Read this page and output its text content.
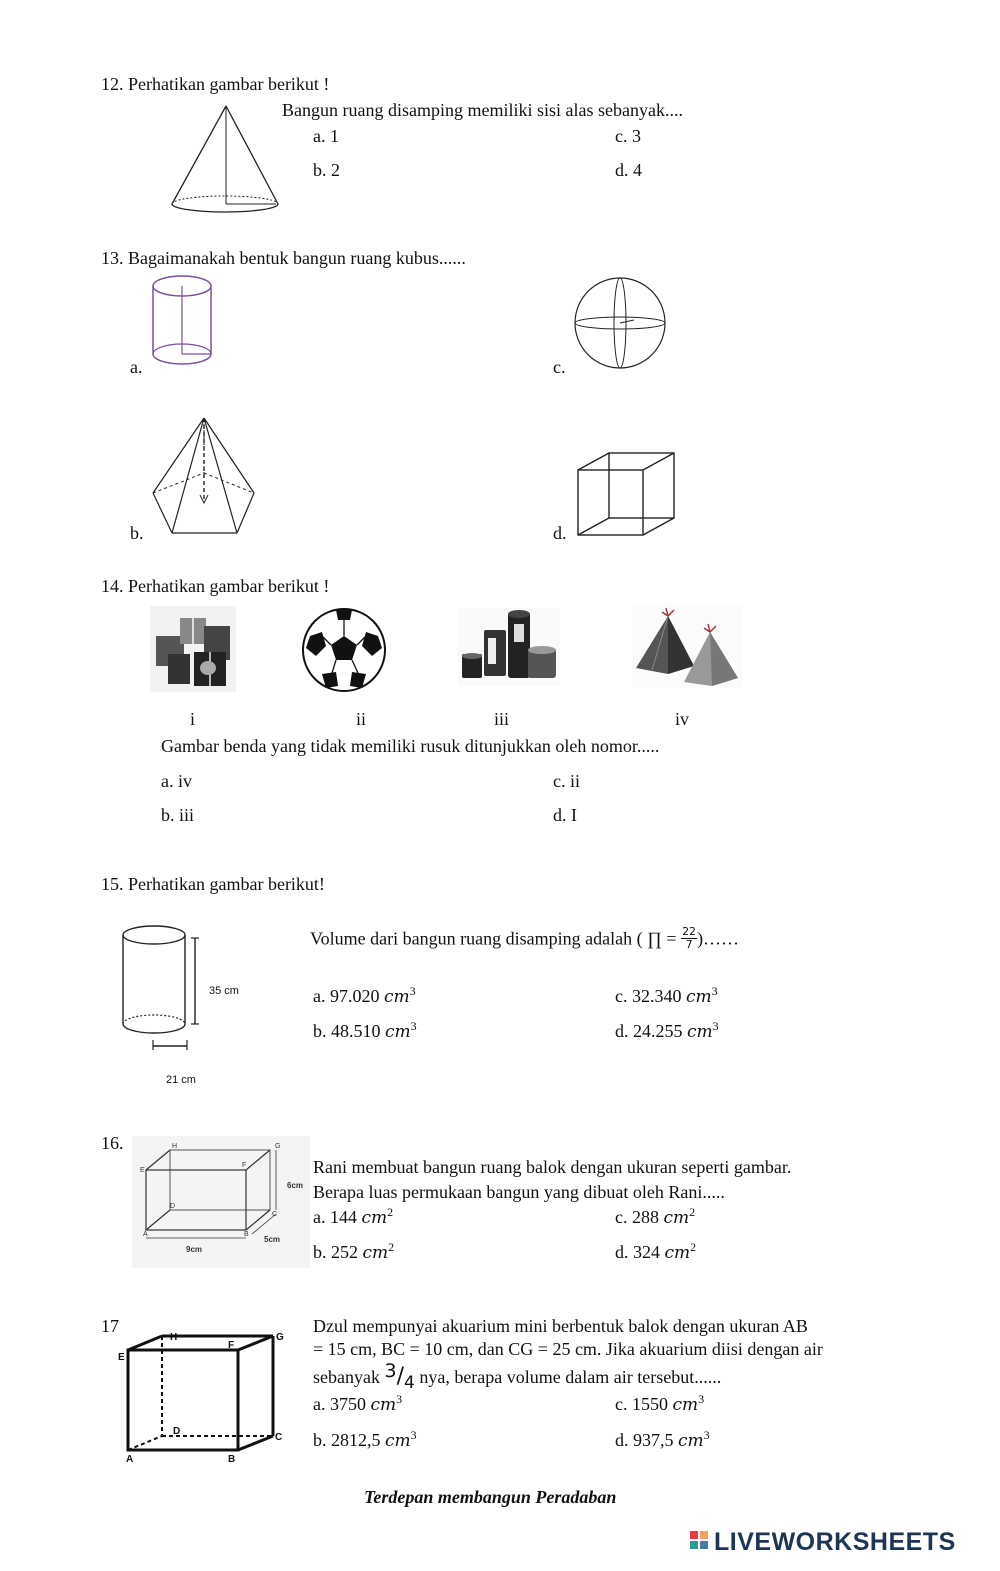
12. Perhatikan gambar berikut !
Bangun ruang disamping memiliki sisi alas sebanyak....
a. 1	c. 3
b. 2	d. 4
13. Bagaimanakah bentuk bangun ruang kubus......
a.	c.
b.	d.
14. Perhatikan gambar berikut !
i	ii	iii	iv
Gambar benda yang tidak memiliki rusuk ditunjukkan oleh nomor.....
a. iv	c. ii
b. iii	d. I
15. Perhatikan gambar berikut!
35 cm
21 cm
Volume dari bangun ruang disamping adalah ( ∏ = $\frac{22}{7}$ )……
a. 97.020 $cm^3$	c. 32.340 $cm^3$
b. 48.510 $cm^3$	d. 24.255 $cm^3$
16.
A	B
C
D
E
F
G
H
9cm
5cm
6cm
Rani membuat bangun ruang balok dengan ukuran seperti gambar.
Berapa luas permukaan bangun yang dibuat oleh Rani.....
a. 144 $cm^2$	c. 288 $cm^2$
b. 252 $cm^2$	d. 324 $cm^2$
17
A	B
C
D
E
F
G
H
Dzul mempunyai akuarium mini berbentuk balok dengan ukuran AB
= 15 cm, BC = 10 cm, dan CG = 25 cm. Jika akuarium diisi dengan air
sebanyak 3/4 nya, berapa volume dalam air tersebut......
a. 3750 $cm^3$	c. 1550 $cm^3$
b. 2812,5 $cm^3$	d. 937,5 $cm^3$
Terdepan membangun Peradaban
LIVEWORKSHEETS
